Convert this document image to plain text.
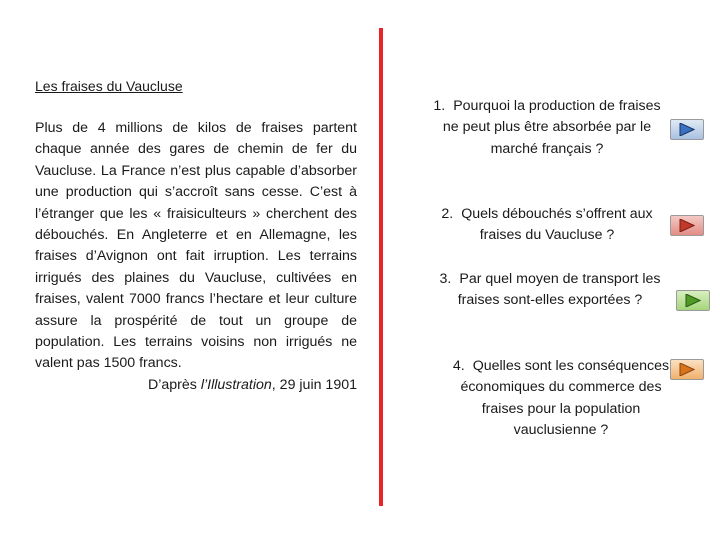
Les fraises du Vaucluse

Plus de 4 millions de kilos de fraises partent chaque année des gares de chemin de fer du Vaucluse. La France n’est plus capable d’absorber une production qui s’accroît sans cesse. C’est à l’étranger que les « fraisiculteurs » cherchent des débouchés. En Angleterre et en Allemagne, les fraises d’Avignon ont fait irruption. Les terrains irrigués des plaines du Vaucluse, cultivées en fraises, valent 7000 francs l’hectare et leur culture assure la prospérité de tout un groupe de population. Les terrains voisins non irrigués ne valent pas 1500 francs.

D’après l’Illustration, 29 juin 1901

1. Pourquoi la production de fraises ne peut plus être absorbée par le marché français ?
2. Quels débouchés s’offrent aux fraises du Vaucluse ?
3. Par quel moyen de transport les fraises sont-elles exportées ?
4. Quelles sont les conséquences économiques du commerce des fraises pour la population vauclusienne ?
